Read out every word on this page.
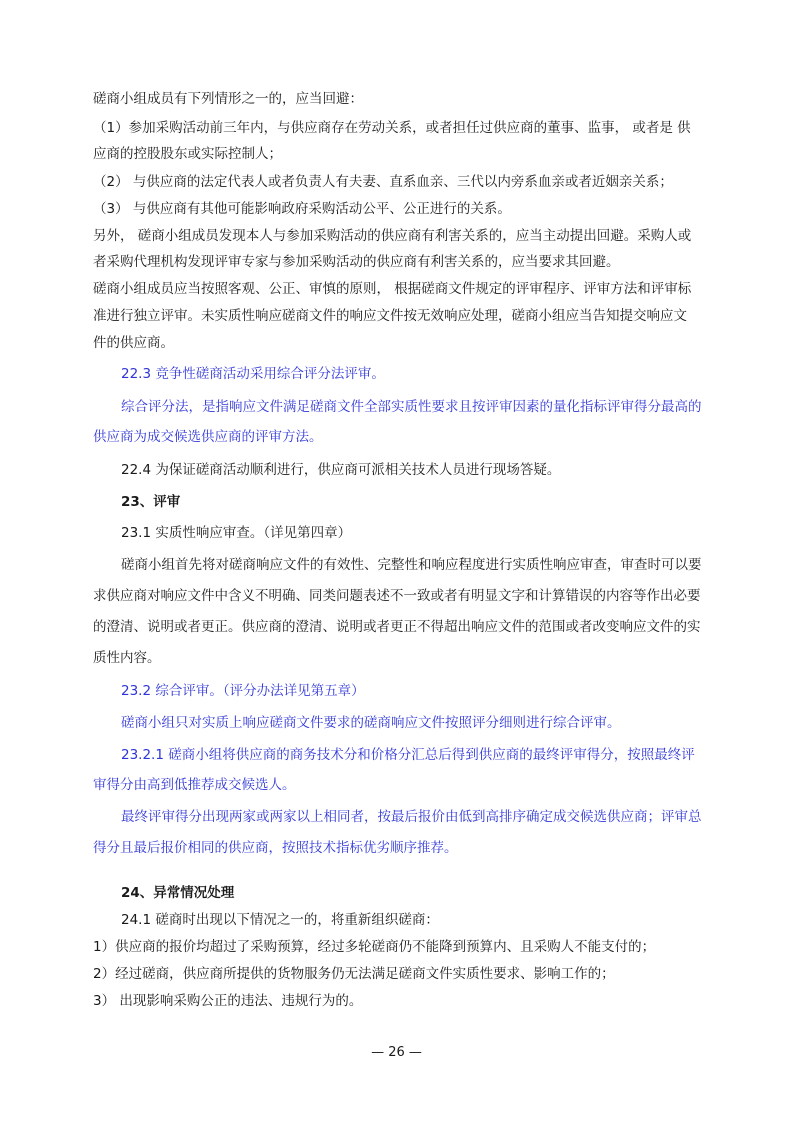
磋商小组成员有下列情形之一的，应当回避：
（1）参加采购活动前三年内，与供应商存在劳动关系，或者担任过供应商的董事、监事， 或者是 供
应商的控股股东或实际控制人；
（2） 与供应商的法定代表人或者负责人有夫妻、直系血亲、三代以内旁系血亲或者近姻亲关系；
（3） 与供应商有其他可能影响政府采购活动公平、公正进行的关系。
另外， 磋商小组成员发现本人与参加采购活动的供应商有利害关系的，应当主动提出回避。采购人或
者采购代理机构发现评审专家与参加采购活动的供应商有利害关系的，应当要求其回避。
磋商小组成员应当按照客观、公正、审慎的原则， 根据磋商文件规定的评审程序、评审方法和评审标
准进行独立评审。未实质性响应磋商文件的响应文件按无效响应处理，磋商小组应当告知提交响应文
件的供应商。
22.3 竞争性磋商活动采用综合评分法评审。
综合评分法，是指响应文件满足磋商文件全部实质性要求且按评审因素的量化指标评审得分最高的
供应商为成交候选供应商的评审方法。
22.4 为保证磋商活动顺利进行，供应商可派相关技术人员进行现场答疑。
23、评审
23.1 实质性响应审查。（详见第四章）
磋商小组首先将对磋商响应文件的有效性、完整性和响应程度进行实质性响应审查，审查时可以要
求供应商对响应文件中含义不明确、同类问题表述不一致或者有明显文字和计算错误的内容等作出必要
的澄清、说明或者更正。供应商的澄清、说明或者更正不得超出响应文件的范围或者改变响应文件的实
质性内容。
23.2 综合评审。（评分办法详见第五章）
磋商小组只对实质上响应磋商文件要求的磋商响应文件按照评分细则进行综合评审。
23.2.1 磋商小组将供应商的商务技术分和价格分汇总后得到供应商的最终评审得分，按照最终评
审得分由高到低推荐成交候选人。
最终评审得分出现两家或两家以上相同者，按最后报价由低到高排序确定成交候选供应商；评审总
得分且最后报价相同的供应商，按照技术指标优劣顺序推荐。
24、异常情况处理
24.1 磋商时出现以下情况之一的，将重新组织磋商：
1）供应商的报价均超过了采购预算，经过多轮磋商仍不能降到预算内、且采购人不能支付的；
2）经过磋商，供应商所提供的货物服务仍无法满足磋商文件实质性要求、影响工作的；
3） 出现影响采购公正的违法、违规行为的。
— 26 —
